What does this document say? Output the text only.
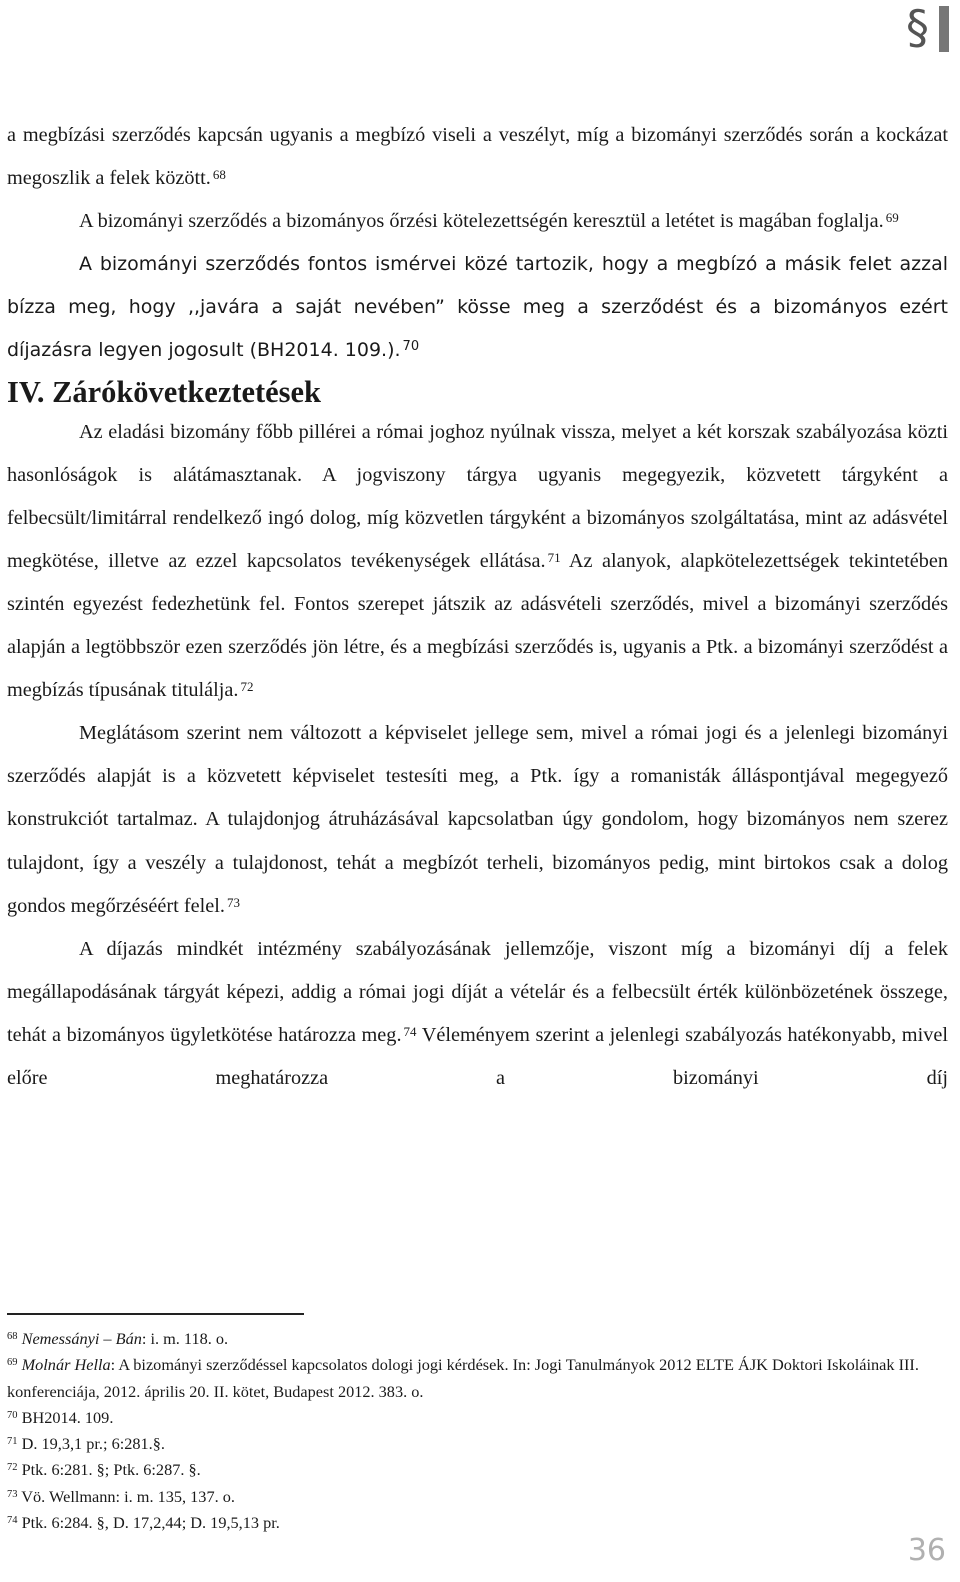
§

a megbízási szerződés kapcsán ugyanis a megbízó viseli a veszélyt, míg a bizományi szerződés során a kockázat megoszlik a felek között. $^{68}$

A bizományi szerződés a bizományos őrzési kötelezettségén keresztül a letétet is magában foglalja. $^{69}$

A bizományi szerződés fontos ismérvei közé tartozik, hogy a megbízó a másik felet azzal bízza meg, hogy ,,javára a saját nevében” kösse meg a szerződést és a bizományos ezért díjazásra legyen jogosult (BH2014. 109.). $^{70}$

IV. Zárókövetkeztetések

Az eladási bizomány főbb pillérei a római joghoz nyúlnak vissza, melyet a két korszak szabályozása közti hasonlóságok is alátámasztanak. A jogviszony tárgya ugyanis megegyezik, közvetett tárgyként a felbecsült/limitárral rendelkező ingó dolog, míg közvetlen tárgyként a bizományos szolgáltatása, mint az adásvétel megkötése, illetve az ezzel kapcsolatos tevékenységek ellátása. $^{71}$ Az alanyok, alapkötelezettségek tekintetében szintén egyezést fedezhetünk fel. Fontos szerepet játszik az adásvételi szerződés, mivel a bizományi szerződés alapján a legtöbbször ezen szerződés jön létre, és a megbízási szerződés is, ugyanis a Ptk. a bizományi szerződést a megbízás típusának titulálja. $^{72}$

Meglátásom szerint nem változott a képviselet jellege sem, mivel a római jogi és a jelenlegi bizományi szerződés alapját is a közvetett képviselet testesíti meg, a Ptk. így a romanisták álláspontjával megegyező konstrukciót tartalmaz. A tulajdonjog átruházásával kapcsolatban úgy gondolom, hogy bizományos nem szerez tulajdont, így a veszély a tulajdonost, tehát a megbízót terheli, bizományos pedig, mint birtokos csak a dolog gondos megőrzéséért felel. $^{73}$

A díjazás mindkét intézmény szabályozásának jellemzője, viszont míg a bizományi díj a felek megállapodásának tárgyát képezi, addig a római jogi díját a vételár és a felbecsült érték különbözetének összege, tehát a bizományos ügyletkötése határozza meg. $^{74}$ Véleményem szerint a jelenlegi szabályozás hatékonyabb, mivel előre meghatározza a bizományi díj

$^{68}$ Nemessányi – Bán: i. m. 118. o.

$^{69}$ Molnár Hella: A bizományi szerződéssel kapcsolatos dologi jogi kérdések. In: Jogi Tanulmányok 2012 ELTE ÁJK Doktori Iskoláinak III. konferenciája, 2012. április 20. II. kötet, Budapest 2012. 383. o.

$^{70}$ BH2014. 109.

$^{71}$ D. 19,3,1 pr.; 6:281.§.

$^{72}$ Ptk. 6:281. §; Ptk. 6:287. §.

$^{73}$ Vö. Wellmann: i. m. 135, 137. o.

$^{74}$ Ptk. 6:284. §, D. 17,2,44; D. 19,5,13 pr.

36
